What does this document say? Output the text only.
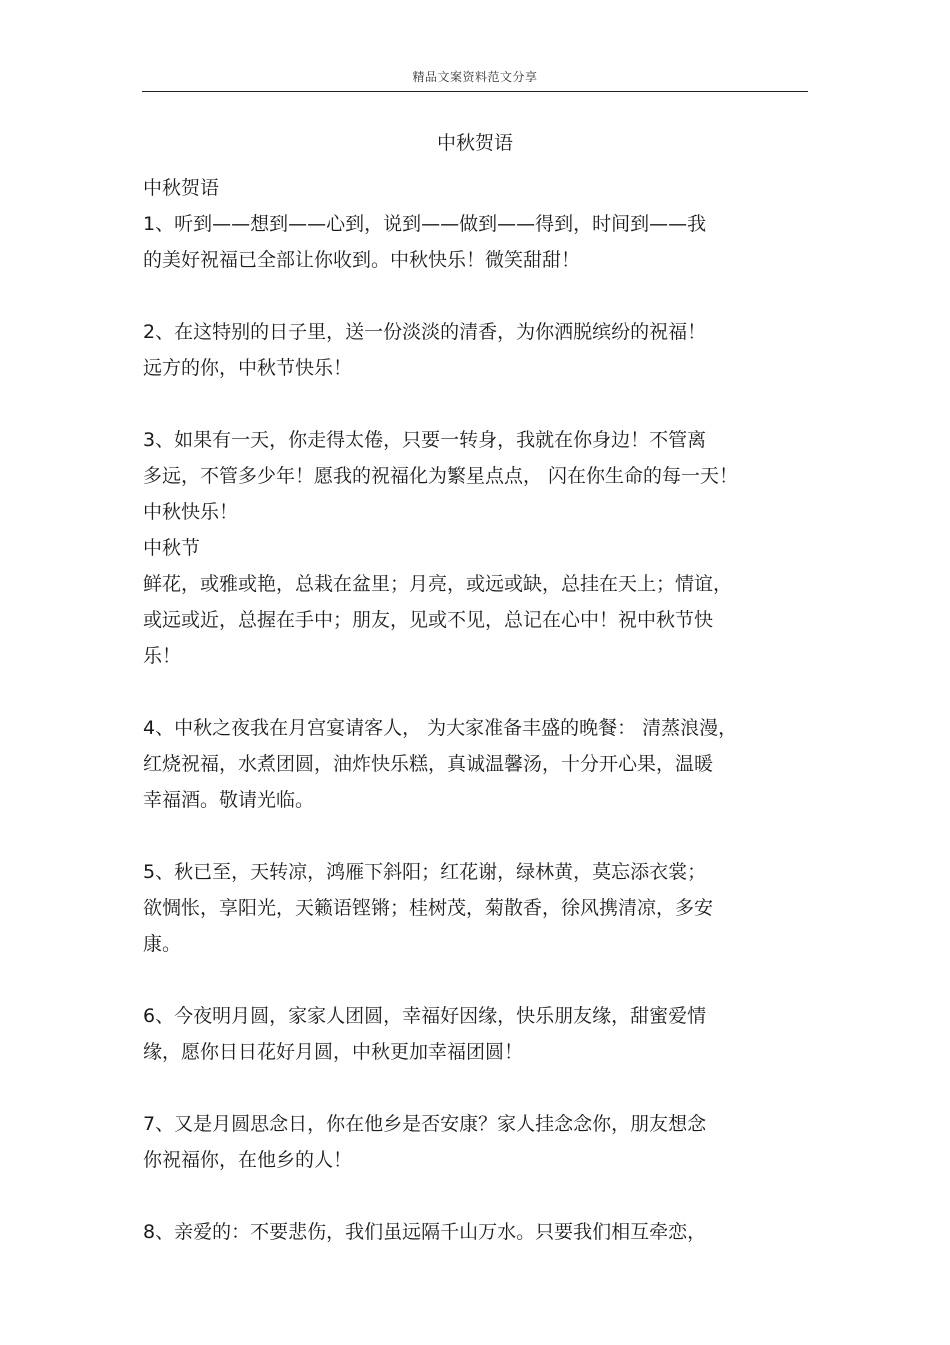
精品文案资料范文分享
中秋贺语
中秋贺语
1、听到——想到——心到，说到——做到——得到，时间到——我
的美好祝福已全部让你收到。中秋快乐！微笑甜甜！
2、在这特别的日子里，送一份淡淡的清香，为你洒脱缤纷的祝福！
远方的你，中秋节快乐！
3、如果有一天，你走得太倦，只要一转身，我就在你身边！不管离
多远，不管多少年！愿我的祝福化为繁星点点， 闪在你生命的每一天！
中秋快乐！
中秋节
鲜花，或雅或艳，总栽在盆里；月亮，或远或缺，总挂在天上；情谊，
或远或近，总握在手中；朋友，见或不见，总记在心中！祝中秋节快
乐！
4、中秋之夜我在月宫宴请客人， 为大家准备丰盛的晚餐： 清蒸浪漫，
红烧祝福，水煮团圆，油炸快乐糕，真诚温馨汤，十分开心果，温暖
幸福酒。敬请光临。
5、秋已至，天转凉，鸿雁下斜阳；红花谢，绿林黄，莫忘添衣裳；
欲惆怅，享阳光，天籁语铿锵；桂树茂，菊散香，徐风携清凉，多安
康。
6、今夜明月圆，家家人团圆，幸福好因缘，快乐朋友缘，甜蜜爱情
缘，愿你日日花好月圆，中秋更加幸福团圆！
7、又是月圆思念日，你在他乡是否安康？家人挂念念你，朋友想念
你祝福你，在他乡的人！
8、亲爱的：不要悲伤，我们虽远隔千山万水。只要我们相互牵恋，
